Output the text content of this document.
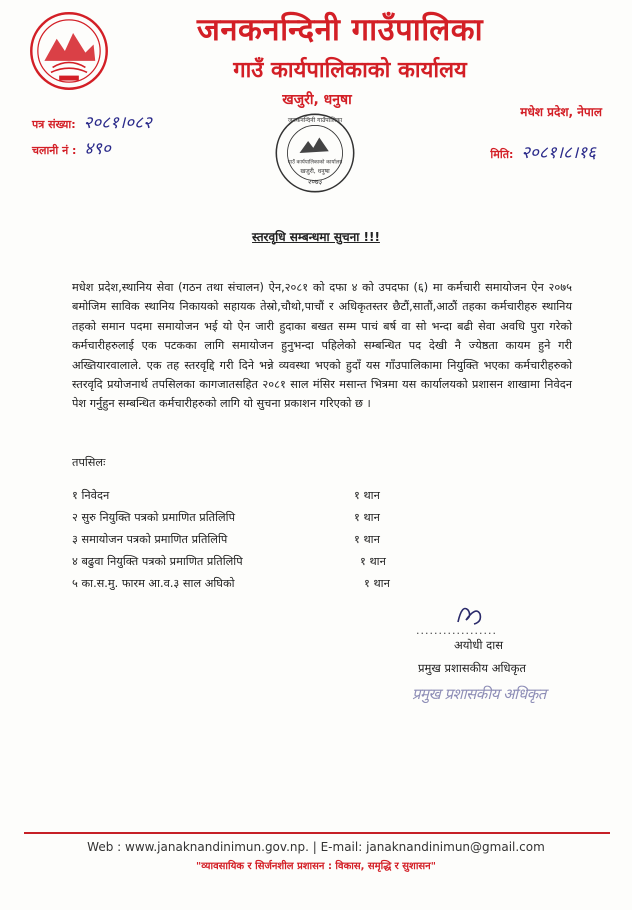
जनकनन्दिनी गाउँपालिका
गाउँ कार्यपालिकाको कार्यालय
खजुरी, धनुषा
मधेश प्रदेश, नेपाल
पत्र संख्या: २०८१।०८२
चलानी नं : ४९०	मिति: २०८१।८।१६
जनकनन्दिनी गाउँपालिका
गाउँ कार्यपालिकाको कार्यालय
खजुरी, धनुषा
२०७३
स्तरवृधि सम्बन्धमा सुचना !!!
मधेश प्रदेश,स्थानिय सेवा (गठन तथा संचालन) ऐन,२०८१ को दफा ४ को उपदफा (६) मा कर्मचारी समायोजन ऐन २०७५ बमोजिम साविक स्थानिय निकायको सहायक तेस्रो,चौथो,पाचौं र अधिकृतस्तर छैटौं,सातौं,आठौं तहका कर्मचारीहरु स्थानिय तहको समान पदमा समायोजन भई यो ऐन जारी हुदाका बखत सम्म पाचं बर्ष वा सो भन्दा बढी सेवा अवधि पुरा गरेको कर्मचारीहरुलाई एक पटकका लागि समायोजन हुनुभन्दा पहिलेको सम्बन्धित पद देखी नै ज्येष्ठता कायम हुने गरी अख्तियारवालाले. एक तह स्तरवृद्दि गरी दिने भन्ने व्यवस्था भएको हुदाँ यस गाँउपालिकामा नियुक्ति भएका कर्मचारीहरुको स्तरवृदि प्रयोजनार्थ तपसिलका कागजातसहित २०८१ साल मंसिर मसान्त भित्रमा यस कार्यालयको प्रशासन शाखामा निवेदन पेश गर्नुहुन सम्बन्धित कर्मचारीहरुको लागि यो सुचना प्रकाशन गरिएको छ ।
तपसिलः
१ निवेदन	१ थान
२ सुरु नियुक्ति पत्रको प्रमाणित प्रतिलिपि	१ थान
३ समायोजन पत्रको प्रमाणित प्रतिलिपि	१ थान
४ बढुवा नियुक्ति पत्रको प्रमाणित प्रतिलिपि	१ थान
५ का.स.मु. फारम आ.व.३ साल अघिको	१ थान
..................
अयोधी दास
प्रमुख प्रशासकीय अधिकृत
प्रमुख प्रशासकीय अधिकृत
Web : www.janaknandinimun.gov.np. | E-mail: janaknandinimun@gmail.com
"व्यावसायिक र सिर्जनशील प्रशासन : विकास, समृद्धि र सुशासन"
